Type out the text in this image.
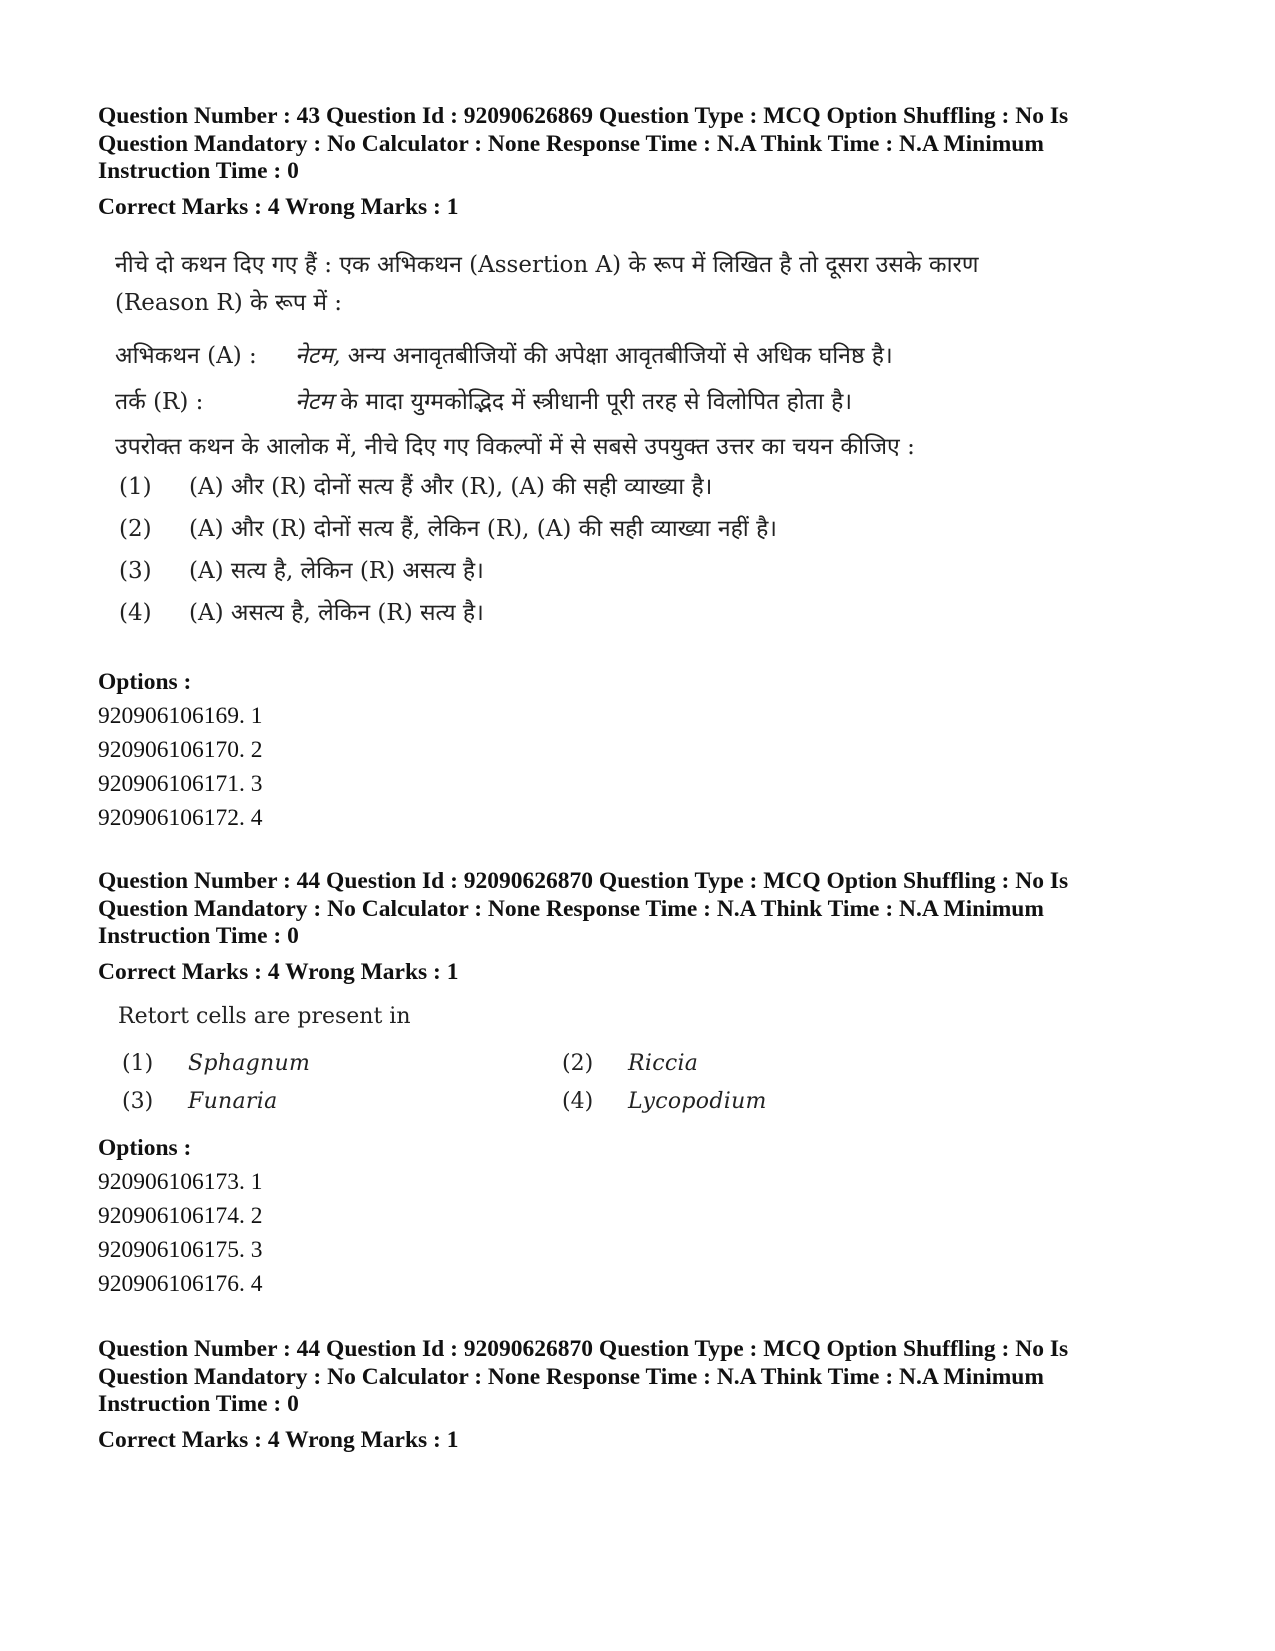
Question Number : 43 Question Id : 92090626869 Question Type : MCQ Option Shuffling : No Is

Question Mandatory : No Calculator : None Response Time : N.A Think Time : N.A Minimum

Instruction Time : 0

Correct Marks : 4 Wrong Marks : 1

नीचे दो कथन दिए गए हैं : एक अभिकथन (Assertion A) के रूप में लिखित है तो दूसरा उसके कारण

(Reason R) के रूप में :

अभिकथन (A) :	नेटम, अन्य अनावृतबीजियों की अपेक्षा आवृतबीजियों से अधिक घनिष्ठ है।
तर्क (R) :	नेटम के मादा युग्मकोद्भिद में स्त्रीधानी पूरी तरह से विलोपित होता है।

उपरोक्त कथन के आलोक में, नीचे दिए गए विकल्पों में से सबसे उपयुक्त उत्तर का चयन कीजिए :

(1)	(A) और (R) दोनों सत्य हैं और (R), (A) की सही व्याख्या है।
(2)	(A) और (R) दोनों सत्य हैं, लेकिन (R), (A) की सही व्याख्या नहीं है।
(3)	(A) सत्य है, लेकिन (R) असत्य है।
(4)	(A) असत्य है, लेकिन (R) सत्य है।

Options :

920906106169. 1

920906106170. 2

920906106171. 3

920906106172. 4

Question Number : 44 Question Id : 92090626870 Question Type : MCQ Option Shuffling : No Is

Question Mandatory : No Calculator : None Response Time : N.A Think Time : N.A Minimum

Instruction Time : 0

Correct Marks : 4 Wrong Marks : 1

Retort cells are present in

(1)	Sphagnum	(2)	Riccia
(3)	Funaria	(4)	Lycopodium

Options :

920906106173. 1

920906106174. 2

920906106175. 3

920906106176. 4

Question Number : 44 Question Id : 92090626870 Question Type : MCQ Option Shuffling : No Is

Question Mandatory : No Calculator : None Response Time : N.A Think Time : N.A Minimum

Instruction Time : 0

Correct Marks : 4 Wrong Marks : 1
